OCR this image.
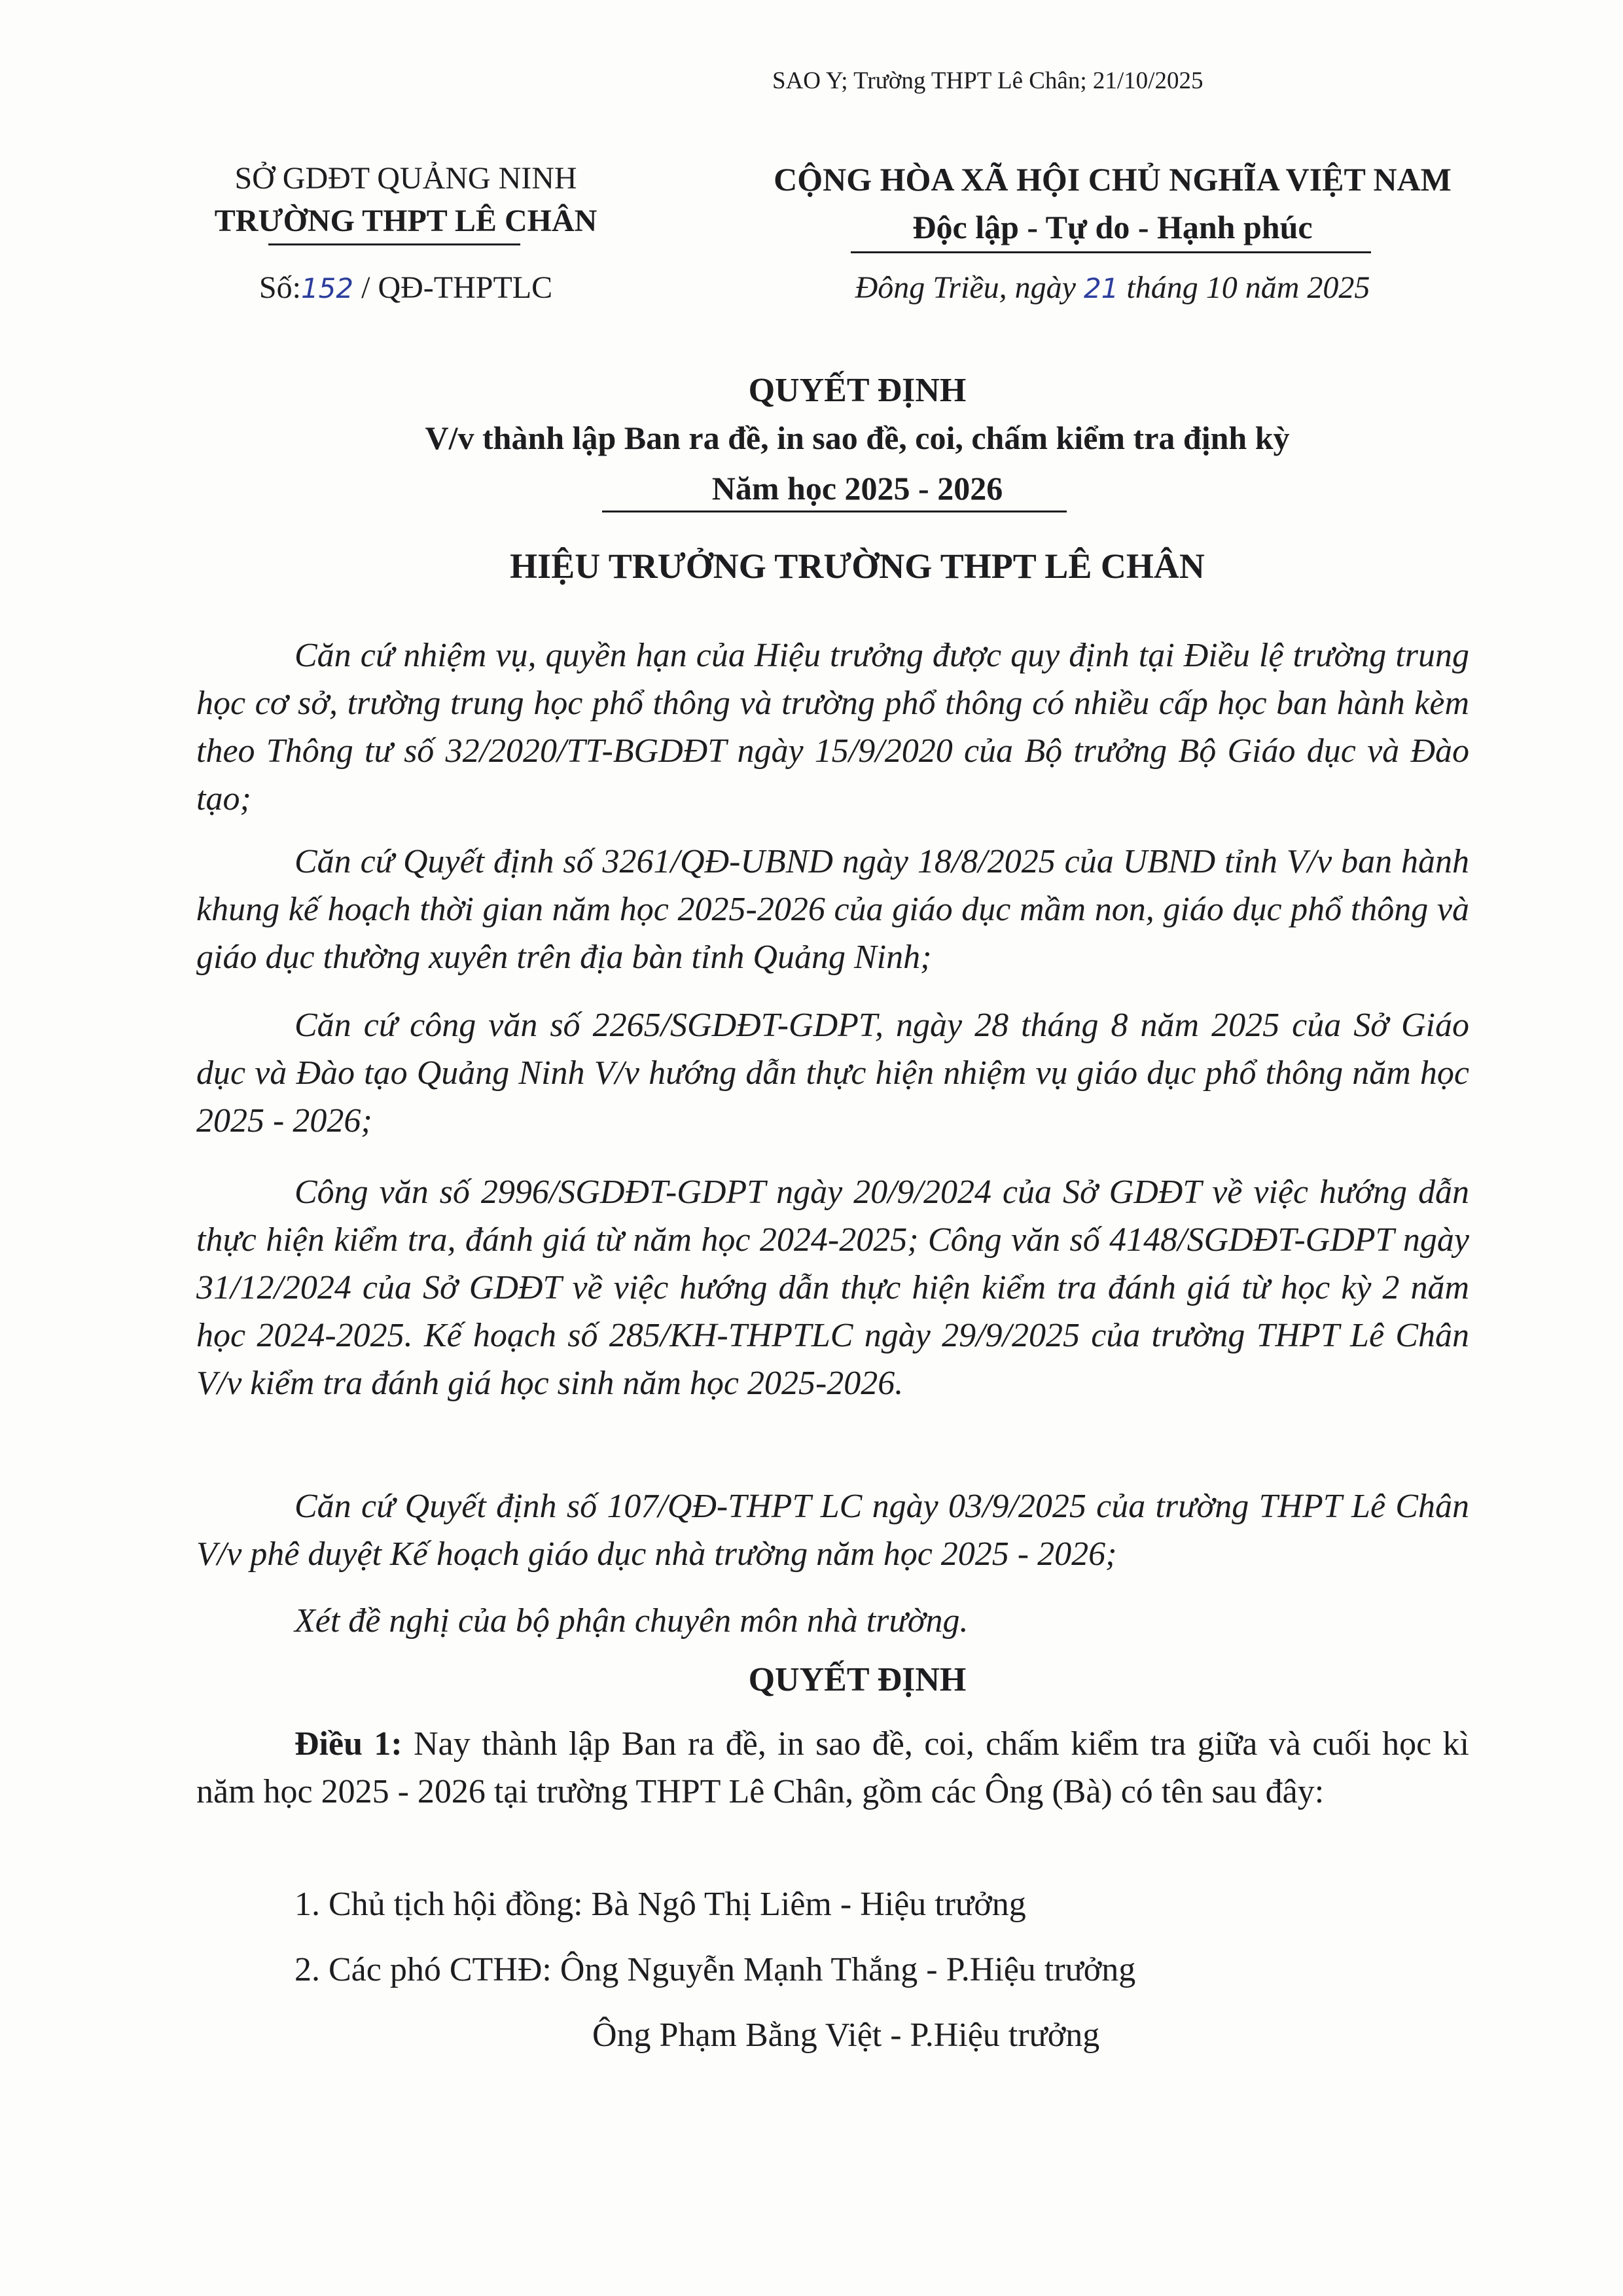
SAO Y; Trường THPT Lê Chân; 21/10/2025
SỞ GDĐT QUẢNG NINH
TRƯỜNG THPT LÊ CHÂN
Số:152 / QĐ-THPTLC
CỘNG HÒA XÃ HỘI CHỦ NGHĨA VIỆT NAM
Độc lập - Tự do - Hạnh phúc
Đông Triều, ngày 21 tháng 10 năm 2025
QUYẾT ĐỊNH
V/v thành lập Ban ra đề, in sao đề, coi, chấm kiểm tra định kỳ
Năm học 2025 - 2026
HIỆU TRƯỞNG TRƯỜNG THPT LÊ CHÂN
Căn cứ nhiệm vụ, quyền hạn của Hiệu trưởng được quy định tại Điều lệ trường trung học cơ sở, trường trung học phổ thông và trường phổ thông có nhiều cấp học ban hành kèm theo Thông tư số 32/2020/TT-BGDĐT ngày 15/9/2020 của Bộ trưởng Bộ Giáo dục và Đào tạo;
Căn cứ Quyết định số 3261/QĐ-UBND ngày 18/8/2025 của UBND tỉnh V/v ban hành khung kế hoạch thời gian năm học 2025-2026 của giáo dục mầm non, giáo dục phổ thông và giáo dục thường xuyên trên địa bàn tỉnh Quảng Ninh;
Căn cứ công văn số 2265/SGDĐT-GDPT, ngày 28 tháng 8 năm 2025 của Sở Giáo dục và Đào tạo Quảng Ninh V/v hướng dẫn thực hiện nhiệm vụ giáo dục phổ thông năm học 2025 - 2026;
Công văn số 2996/SGDĐT-GDPT ngày 20/9/2024 của Sở GDĐT về việc hướng dẫn thực hiện kiểm tra, đánh giá từ năm học 2024-2025; Công văn số 4148/SGDĐT-GDPT ngày 31/12/2024 của Sở GDĐT về việc hướng dẫn thực hiện kiểm tra đánh giá từ học kỳ 2 năm học 2024-2025. Kế hoạch số 285/KH-THPTLC ngày 29/9/2025 của trường THPT Lê Chân V/v kiểm tra đánh giá học sinh năm học 2025-2026.
Căn cứ Quyết định số 107/QĐ-THPT LC ngày 03/9/2025 của trường THPT Lê Chân V/v phê duyệt Kế hoạch giáo dục nhà trường năm học 2025 - 2026;
Xét đề nghị của bộ phận chuyên môn nhà trường.
QUYẾT ĐỊNH
Điều 1: Nay thành lập Ban ra đề, in sao đề, coi, chấm kiểm tra giữa và cuối học kì năm học 2025 - 2026 tại trường THPT Lê Chân, gồm các Ông (Bà) có tên sau đây:
1. Chủ tịch hội đồng: Bà Ngô Thị Liêm - Hiệu trưởng
2. Các phó CTHĐ: Ông Nguyễn Mạnh Thắng - P.Hiệu trưởng
Ông Phạm Bằng Việt - P.Hiệu trưởng
